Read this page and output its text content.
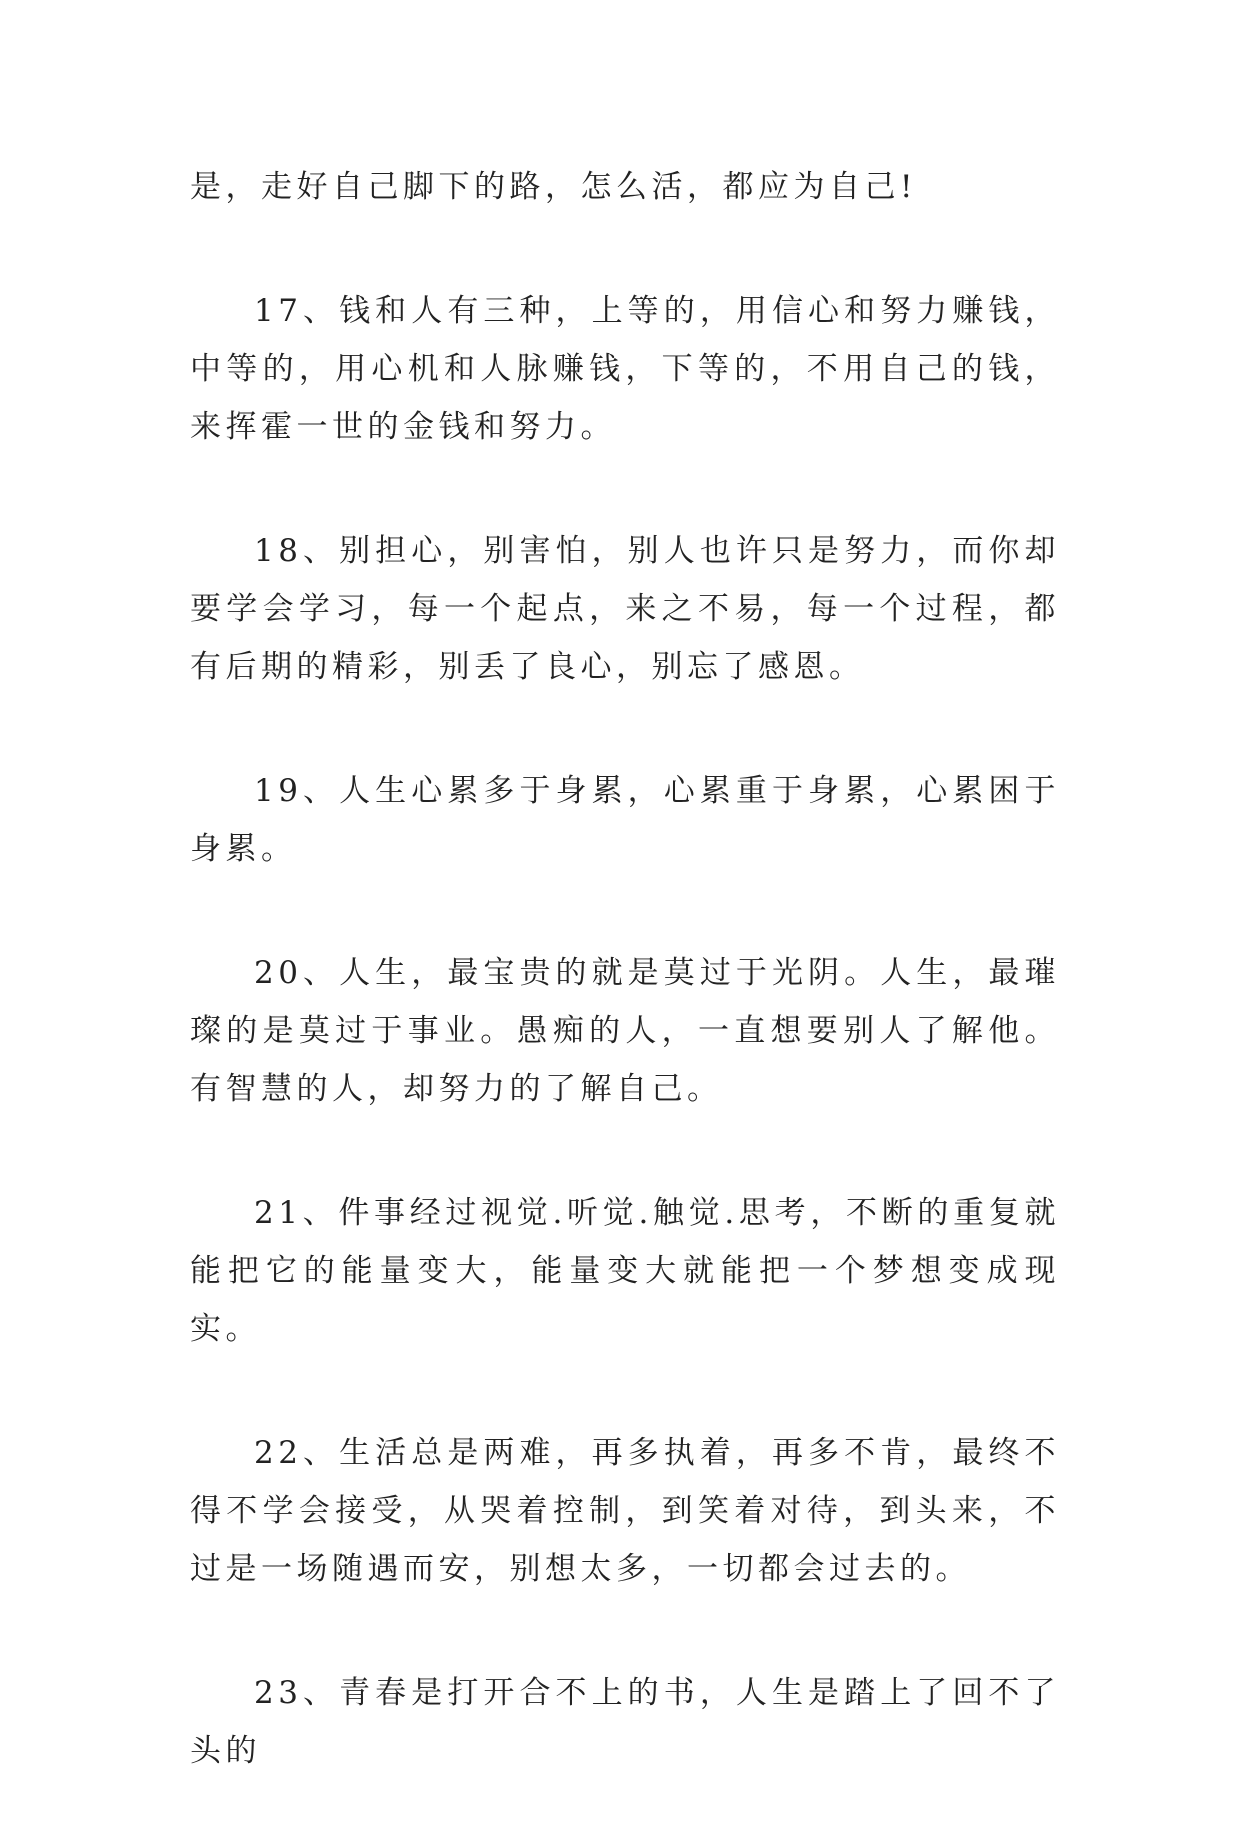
是，走好自己脚下的路，怎么活，都应为自己!

17、钱和人有三种，上等的，用信心和努力赚钱，中等的，用心机和人脉赚钱，下等的，不用自己的钱，来挥霍一世的金钱和努力。

18、别担心，别害怕，别人也许只是努力，而你却要学会学习，每一个起点，来之不易，每一个过程，都有后期的精彩，别丢了良心，别忘了感恩。

19、人生心累多于身累，心累重于身累，心累困于身累。

20、人生，最宝贵的就是莫过于光阴。人生，最璀璨的是莫过于事业。愚痴的人，一直想要别人了解他。有智慧的人，却努力的了解自己。

21、件事经过视觉.听觉.触觉.思考，不断的重复就能把它的能量变大，能量变大就能把一个梦想变成现实。

22、生活总是两难，再多执着，再多不肯，最终不得不学会接受，从哭着控制，到笑着对待，到头来，不过是一场随遇而安，别想太多，一切都会过去的。

23、青春是打开合不上的书，人生是踏上了回不了头的
